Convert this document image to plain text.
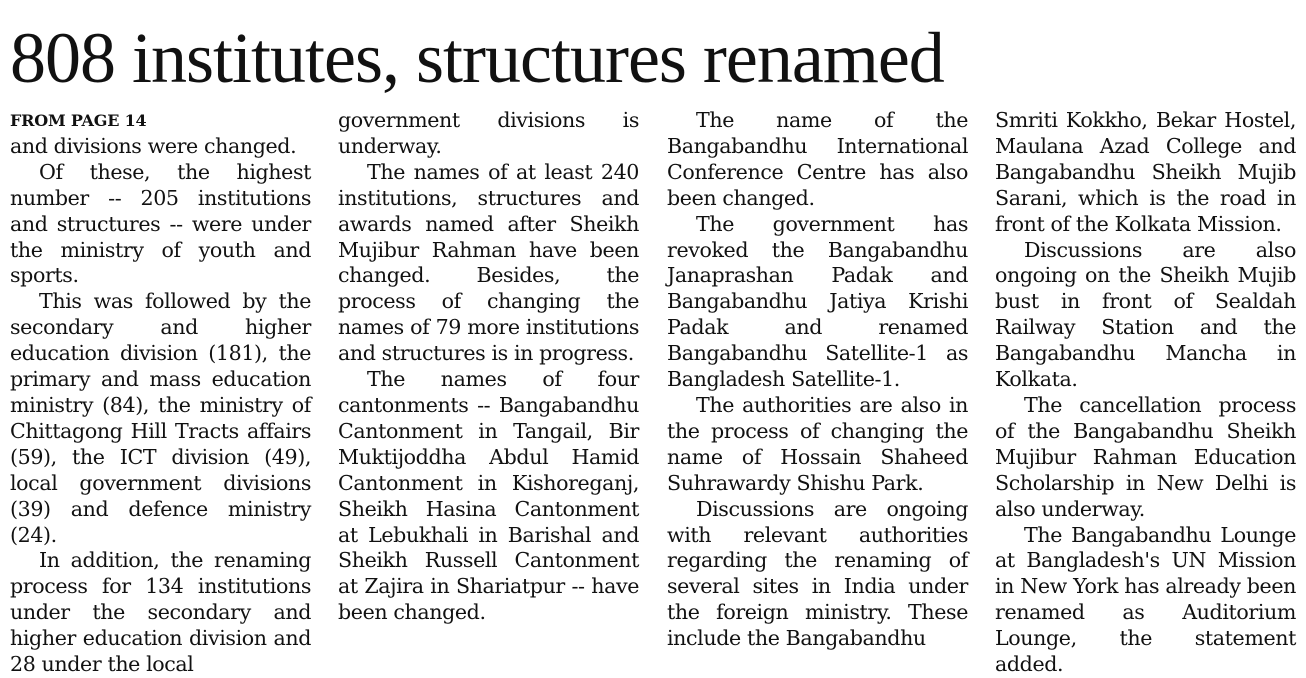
808 institutes, structures renamed
FROM PAGE 14

and divisions were changed.

Of these, the highest number -- 205 institutions and structures -- were under the ministry of youth and sports.

This was followed by the secondary and higher education division (181), the primary and mass education ministry (84), the ministry of Chittagong Hill Tracts affairs (59), the ICT division (49), local government divisions (39) and defence ministry (24).

In addition, the renaming process for 134 institutions under the secondary and higher education division and 28 under the local

government divisions is underway.

The names of at least 240 institutions, structures and awards named after Sheikh Mujibur Rahman have been changed. Besides, the process of changing the names of 79 more institutions and structures is in progress.

The names of four cantonments -- Bangabandhu Cantonment in Tangail, Bir Muktijoddha Abdul Hamid Cantonment in Kishoreganj, Sheikh Hasina Cantonment at Lebukhali in Barishal and Sheikh Russell Cantonment at Zajira in Shariatpur -- have been changed.

The name of the Bangabandhu International Conference Centre has also been changed.

The government has revoked the Bangabandhu Janaprashan Padak and Bangabandhu Jatiya Krishi Padak and renamed Bangabandhu Satellite-1 as Bangladesh Satellite-1.

The authorities are also in the process of changing the name of Hossain Shaheed Suhrawardy Shishu Park.

Discussions are ongoing with relevant authorities regarding the renaming of several sites in India under the foreign ministry. These include the Bangabandhu

Smriti Kokkho, Bekar Hostel, Maulana Azad College and Bangabandhu Sheikh Mujib Sarani, which is the road in front of the Kolkata Mission.

Discussions are also ongoing on the Sheikh Mujib bust in front of Sealdah Railway Station and the Bangabandhu Mancha in Kolkata.

The cancellation process of the Bangabandhu Sheikh Mujibur Rahman Education Scholarship in New Delhi is also underway.

The Bangabandhu Lounge at Bangladesh's UN Mission in New York has already been renamed as Auditorium Lounge, the statement added.
